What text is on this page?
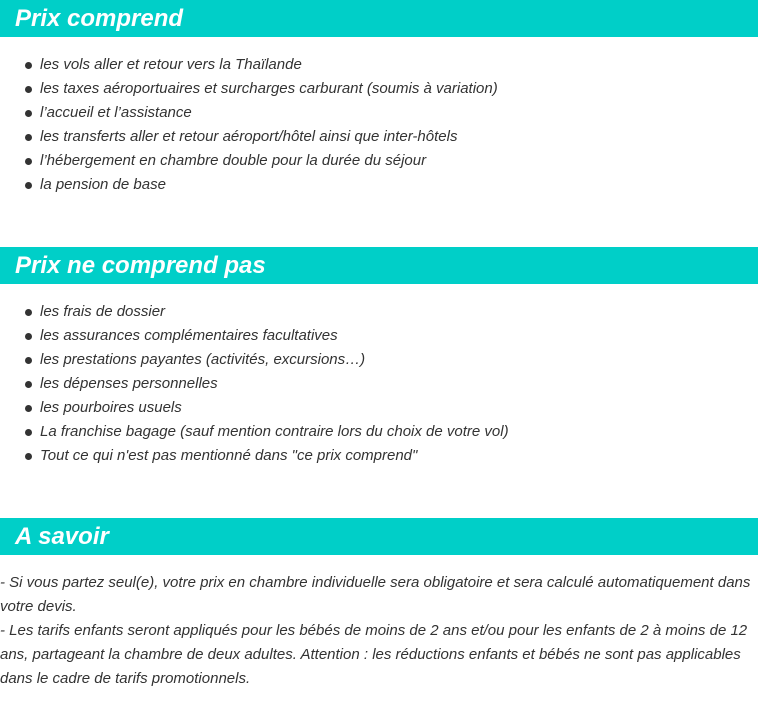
Prix comprend
les vols aller et retour vers la Thaïlande
les taxes aéroportuaires et surcharges carburant (soumis à variation)
l’accueil et l’assistance
les transferts aller et retour aéroport/hôtel ainsi que inter-hôtels
l’hébergement en chambre double pour la durée du séjour
la pension de base
Prix ne comprend pas
les frais de dossier
les assurances complémentaires facultatives
les prestations payantes (activités, excursions…)
les dépenses personnelles
les pourboires usuels
La franchise bagage (sauf mention contraire lors du choix de votre vol)
Tout ce qui n'est pas mentionné dans "ce prix comprend"
A savoir

- Si vous partez seul(e), votre prix en chambre individuelle sera obligatoire et sera calculé automatiquement dans votre devis.

- Les tarifs enfants seront appliqués pour les bébés de moins de 2 ans et/ou pour les enfants de 2 à moins de 12 ans, partageant la chambre de deux adultes. Attention : les réductions enfants et bébés ne sont pas applicables dans le cadre de tarifs promotionnels.
